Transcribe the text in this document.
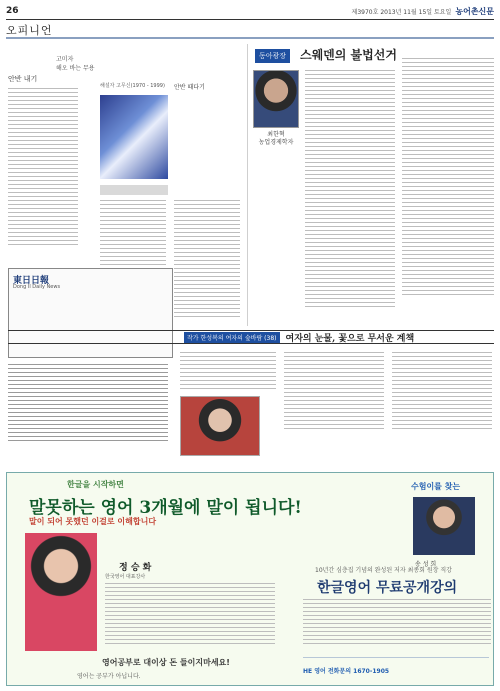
26	제3970호 2013년 11월 15일 토요일 농어촌신문
오피니언
고미자
해오 바는 무용
안반 내기
해설자 고무신(1970 - 1999) 안반 때다기
동아광장	스웨덴의 불법선거
최한혁
농업경제학자
東日日報
Dong Il Daily News
작가 한성복의 여자의 숲바람 (38)	여자의 눈물, 꽃으로 무서운 계책
한글을 시작하면
말못하는 영어 3개월에 말이 됩니다!
말이 되어 못했던 이걸로 이해합니다
정 승 화
한국영어 대표강사
영어공부로 대이상 돈 들이지마세요!
영어는 공부가 아닙니다.
수험이를 찾는
송 성 희
10년간 심층집 기념의 완성된 저자 최종회 원장 직강
한글영어 무료공개강의
HE 영어 전화문의 1670-1905
